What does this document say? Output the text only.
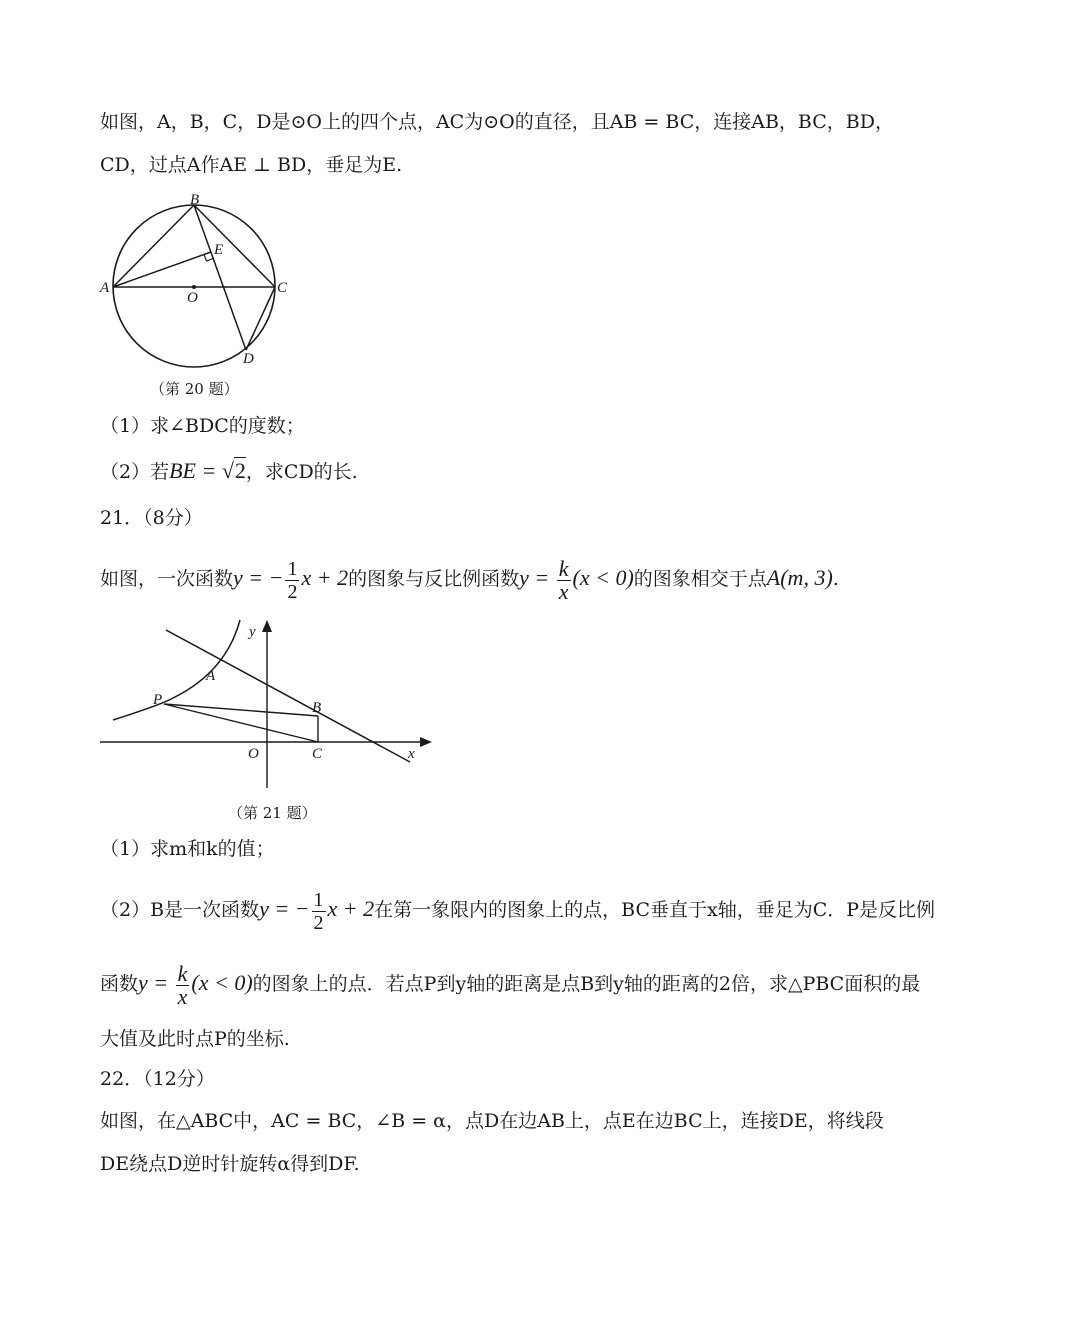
如图，A，B，C，D是⊙O上的四个点，AC为⊙O的直径，且AB = BC，连接AB，BC，BD，
CD，过点A作AE ⊥ BD，垂足为E.
B
E
A	C
O
D
（第 20 题）
（1）求∠BDC的度数；
（2）若BE = √2，求CD的长.
21．（8分）
如图，一次函数y = − $\frac{1}{2}$ x + 2的图象与反比例函数$y = \frac{k}{x} (x < 0)$的图象相交于点A(m, 3).
y
x
A
P	B
O	C
（第 21 题）
（1）求m和k的值；
（2）B是一次函数y = − $\frac{1}{2}$ x + 2在第一象限内的图象上的点，BC垂直于x轴，垂足为C．P是反比例
函数$y = \frac{k}{x} (x < 0)$的图象上的点．若点P到y轴的距离是点B到y轴的距离的2倍，求△PBC面积的最
大值及此时点P的坐标.
22．（12分）
如图，在△ABC中，AC = BC，∠B = α，点D在边AB上，点E在边BC上，连接DE，将线段
DE绕点D逆时针旋转α得到DF.
